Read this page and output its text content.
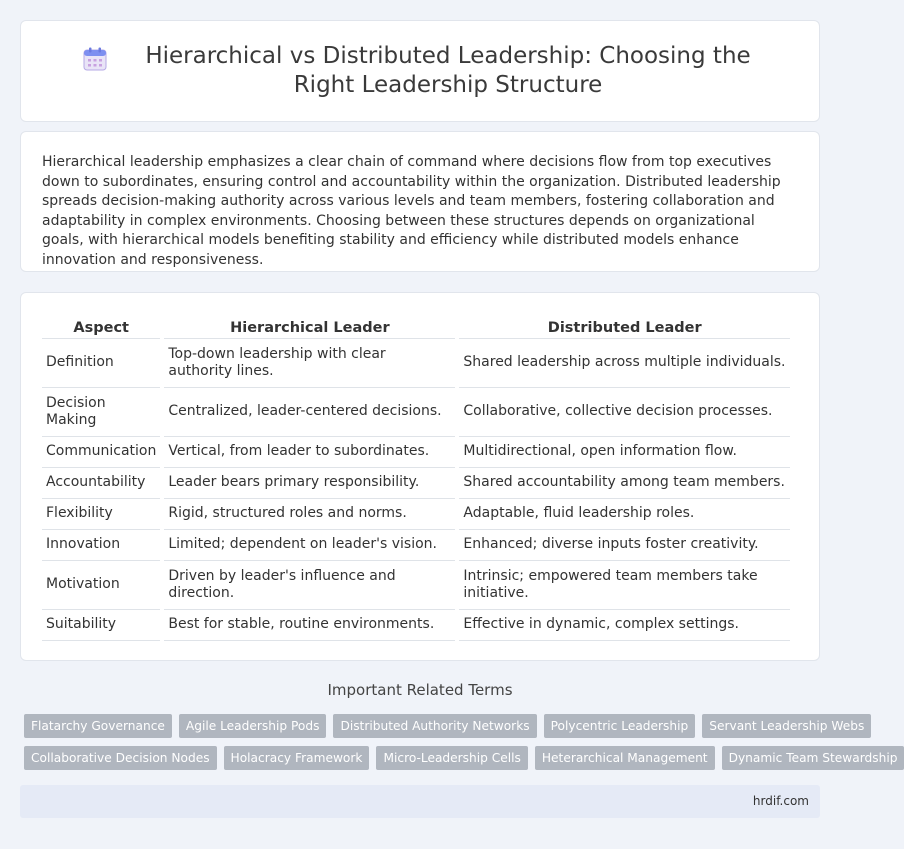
Hierarchical vs Distributed Leadership: Choosing the Right Leadership Structure

Hierarchical leadership emphasizes a clear chain of command where decisions flow from top executives down to subordinates, ensuring control and accountability within the organization. Distributed leadership spreads decision-making authority across various levels and team members, fostering collaboration and adaptability in complex environments. Choosing between these structures depends on organizational goals, with hierarchical models benefiting stability and efficiency while distributed models enhance innovation and responsiveness.

Aspect	Hierarchical Leader	Distributed Leader
Definition	Top-down leadership with clear authority lines.	Shared leadership across multiple individuals.
Decision Making	Centralized, leader-centered decisions.	Collaborative, collective decision processes.
Communication	Vertical, from leader to subordinates.	Multidirectional, open information flow.
Accountability	Leader bears primary responsibility.	Shared accountability among team members.
Flexibility	Rigid, structured roles and norms.	Adaptable, fluid leadership roles.
Innovation	Limited; dependent on leader's vision.	Enhanced; diverse inputs foster creativity.
Motivation	Driven by leader's influence and direction.	Intrinsic; empowered team members take initiative.
Suitability	Best for stable, routine environments.	Effective in dynamic, complex settings.
Important Related Terms
Flatarchy Governance	Agile Leadership Pods	Distributed Authority Networks	Polycentric Leadership	Servant Leadership Webs
Collaborative Decision Nodes	Holacracy Framework	Micro-Leadership Cells	Heterarchical Management	Dynamic Team Stewardship
hrdif.com
